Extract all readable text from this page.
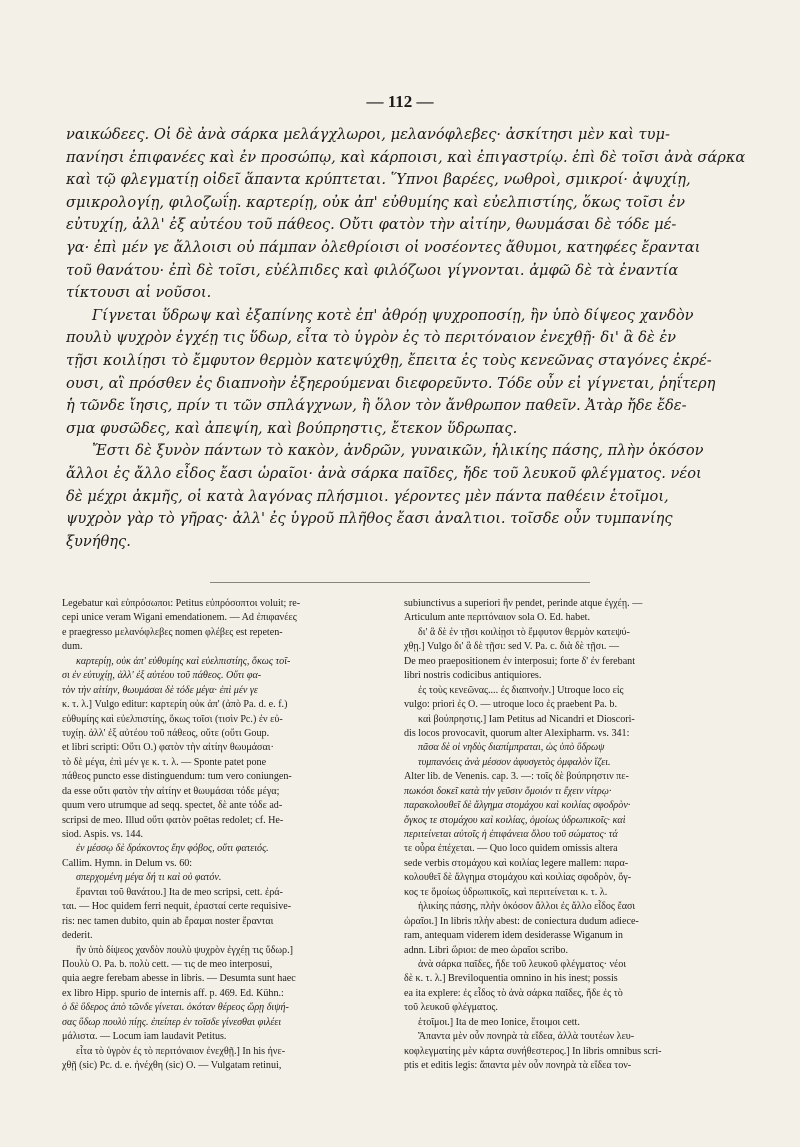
— 112 —
ναικώδεες. Οἱ δὲ ἀνὰ σάρκα μελάγχλωροι, μελανόφλεβες· ἀσκίτησι μὲν καὶ τυμ-
πανίησι ἐπιφανέες καὶ ἐν προσώπῳ, καὶ κάρποισι, καὶ ἐπιγαστρίῳ. ἐπὶ δὲ τοῖσι ἀνὰ σάρκα
καὶ τῷ φλεγματίῃ οἰδεῖ ἅπαντα κρύπτεται. Ὕπνοι βαρέες, νωθροὶ, σμικροί· ἀψυχίῃ,
σμικρολογίῃ, φιλοζωΐῃ. καρτερίῃ, οὐκ ἀπ' εὐθυμίης καὶ εὐελπιστίης, ὅκως τοῖσι ἐν
εὐτυχίῃ, ἀλλ' ἐξ αὐτέου τοῦ πάθεος. Οὔτι φατὸν τὴν αἰτίην, θωυμάσαι δὲ τόδε μέ-
γα· ἐπὶ μέν γε ἄλλοισι οὐ πάμπαν ὀλεθρίοισι οἱ νοσέοντες ἄθυμοι, κατηφέες ἔρανται
τοῦ θανάτου· ἐπὶ δὲ τοῖσι, εὐέλπιδες καὶ φιλόζωοι γίγνονται. ἀμφῶ δὲ τὰ ἐναντία
τίκτουσι αἱ νοῦσοι.
Γίγνεται ὕδρωψ καὶ ἐξαπίνης κοτὲ ἐπ' ἀθρόῃ ψυχροποσίῃ, ἢν ὑπὸ δίψεος χανδὸν
πουλὺ ψυχρὸν ἐγχέῃ τις ὕδωρ, εἶτα τὸ ὑγρὸν ἐς τὸ περιτόναιον ἐνεχθῇ· δι' ἃ δὲ ἐν
τῇσι κοιλίῃσι τὸ ἔμφυτον θερμὸν κατεψύχθῃ, ἔπειτα ἐς τοὺς κενεῶνας σταγόνες ἐκρέ-
ουσι, αἳ πρόσθεν ἐς διαπνοὴν ἐξηερούμεναι διεφορεῦντο. Τόδε οὖν εἰ γίγνεται, ῥηΐτερη
ἡ τῶνδε ἴησις, πρίν τι τῶν σπλάγχνων, ἢ ὅλον τὸν ἄνθρωπον παθεῖν. Ἀτὰρ ἤδε ἔδε-
σμα φυσῶδες, καὶ ἀπεψίη, καὶ βούπρηστις, ἔτεκον ὕδρωπας.
Ἔστι δὲ ξυνὸν πάντων τὸ κακὸν, ἀνδρῶν, γυναικῶν, ἡλικίης πάσης, πλὴν ὁκόσον
ἄλλοι ἐς ἄλλο εἶδος ἔασι ὡραῖοι· ἀνὰ σάρκα παῖδες, ἤδε τοῦ λευκοῦ φλέγματος. νέοι
δὲ μέχρι ἀκμῆς, οἱ κατὰ λαγόνας πλήσμιοι. γέροντες μὲν πάντα παθέειν ἑτοῖμοι,
ψυχρὸν γὰρ τὸ γῆρας· ἀλλ' ἐς ὑγροῦ πλῆθος ἔασι ἀναλτιοι. τοῖσδε οὖν τυμπανίης
ξυνήθης.
Legebatur καὶ εὐπρόσωποι: Petitus εὐπρόσοπτοι voluit; re-
cepi unice veram Wigani emendationem. — Ad ἐπιφανέες
e praegresso μελανόφλεβες nomen φλέβες est repeten-
dum.
καρτερίῃ, οὐκ ἀπ' εὐθυμίης καὶ εὐελπιστίης, ὅκως τοῖ-
σι ἐν εὐτυχίῃ, ἀλλ' ἐξ αὐτέου τοῦ πάθεος. Οὔτι φα-
τὸν τὴν αἰτίην, θωυμάσαι δὲ τόδε μέγα· ἐπὶ μέν γε
κ. τ. λ.] Vulgo editur: καρτερίη οὐκ ἀπ' (ἀπὸ Pa. d. e. f.)
εὐθυμίης καὶ εὐελπιστίης, ὅκως τοῖσι (τισὶν Pc.) ἐν εὐ-
τυχίῃ. ἀλλ' ἐξ αὐτέου τοῦ πάθεος, οὔτε (οὔτι Goup.
et libri scripti: Οὔτι O.) φατὸν τὴν αἰτίην θωυμάσαι·
τὸ δὲ μέγα, ἐπὶ μέν γε κ. τ. λ. — Sponte patet pone
πάθεος puncto esse distinguendum: tum vero coniungen-
da esse οὔτι φατὸν τὴν αἰτίην et θωυμάσαι τόδε μέγα;
quum vero utrumque ad seqq. spectet, δὲ ante τόδε ad-
scripsi de meo. Illud οὔτι φατὸν poëtas redolet; cf. He-
siod. Aspis. vs. 144.
ἐν μέσσῳ δὲ δράκοντος ἔην φόβος, οὔτι φατειός.
Callim. Hymn. in Delum vs. 60:
σπερχομένη μέγα δή τι καὶ οὐ φατόν.
ἔρανται τοῦ θανάτου.] Ita de meo scripsi, cett. ἐρά-
ται. — Hoc quidem ferri nequit, ἐρασταί certe requisive-
ris: nec tamen dubito, quin ab ἔραμαι noster ἔρανται
dederit.
ἢν ὑπὸ δίψεος χανδὸν πουλὺ ψυχρὸν ἐγχέῃ τις ὕδωρ.]
Πουλὺ O. Pa. b. πολὺ cett. — τις de meo interposui,
quia aegre ferebam abesse in libris. — Desumta sunt haec
ex libro Hipp. spurio de internis aff. p. 469. Ed. Kühn.:
ὁ δὲ ὕδερος ἀπὸ τῶνδε γίνεται. ὁκόταν θέρεος ὥρῃ διψή-
σας ὕδωρ πουλὺ πίῃς. ἐπείπερ ἐν τοῖσδε γίνεσθαι φιλέει
μάλιστα. — Locum iam laudavit Petitus.
εἶτα τὸ ὑγρὸν ἐς τὸ περιτόναιον ἐνεχθῇ.] In his ἠνε-
χθῇ (sic) Pc. d. e. ἠνέχθη (sic) O. — Vulgatam retinui,
subiunctivus a superiori ἢν pendet, perinde atque ἐγχέῃ. —
Articulum ante περιτόναιον sola O. Ed. habet.
δι' ἃ δὲ ἐν τῇσι κοιλίῃσι τὸ ἔμφυτον θερμὸν κατεψύ-
χθῃ.] Vulgo δι' ἃ δὲ τῇσι: sed V. Pa. c. διὰ δὲ τῇσι. —
De meo praepositionem ἐν interposui; forte δ' ἐν ferebant
libri nostris codicibus antiquiores.
ἐς τοὺς κενεῶνας.... ἐς διαπνοὴν.] Utroque loco εἰς
vulgo: priori ἐς O. — utroque loco ἐς praebent Pa. b.
καὶ βούπρηστις.] Iam Petitus ad Nicandri et Dioscori-
dis locos provocavit, quorum alter Alexipharm. vs. 341:
πᾶσα δὲ οἱ νηδὺς διαπίμπραται, ὡς ὑπὸ ὕδρωψ
τυμπανόεις ἀνὰ μέσσον ἀφυσγετὸς ὀμφαλὸν ἵζει.
Alter lib. de Venenis. cap. 3. —: τοῖς δὲ βούπρηστιν πε-
πωκόσι δοκεῖ κατὰ τὴν γεῦσιν ὅμοιόν τι ἔχειν νίτρῳ·
παρακολουθεῖ δὲ ἄλγημα στομάχου καὶ κοιλίας σφοδρὸν·
ὄγκος τε στομάχου καὶ κοιλίας, ὁμοίως ὑδρωπικοῖς· καὶ
περιτείνεται αὐτοῖς ἡ ἐπιφάνεια ὅλου τοῦ σώματος· τά
τε οὖρα ἐπέχεται. — Quo loco quidem omissis altera
sede verbis στομάχου καὶ κοιλίας legere mallem: παρα-
κολουθεῖ δὲ ἄλγημα στομάχου καὶ κοιλίας σφοδρὸν, ὄγ-
κος τε ὅμοίως ὑδρωπικοῖς, καὶ περιτείνεται κ. τ. λ.
ἡλικίης πάσης, πλὴν ὁκόσον ἄλλοι ἐς ἄλλο εἶδος ἔασι
ὡραῖοι.] In libris πλὴν abest: de coniectura dudum adiece-
ram, antequam viderem idem desiderasse Wiganum in
adnn. Libri ὥριοι: de meo ὡραῖοι scribo.
ἀνὰ σάρκα παῖδες, ἤδε τοῦ λευκοῦ φλέγματος· νέοι
δὲ κ. τ. λ.] Breviloquentia omnino in his inest; possis
ea ita explere: ἐς εἶδος τὸ ἀνὰ σάρκα παῖδες, ἤδε ἐς τὸ
τοῦ λευκοῦ φλέγματος.
ἑτοῖμοι.] Ita de meo Ionice, ἕτοιμοι cett.
Ἅπαντα μὲν οὖν πονηρὰ τὰ εἴδεα, ἀλλὰ τουτέων λευ-
κοφλεγματίης μὲν κάρτα συνήθεστερος.] In libris omnibus scri-
ptis et editis legis: ἅπαντα μὲν οὖν πονηρὰ τὰ εἴδεα τον-
